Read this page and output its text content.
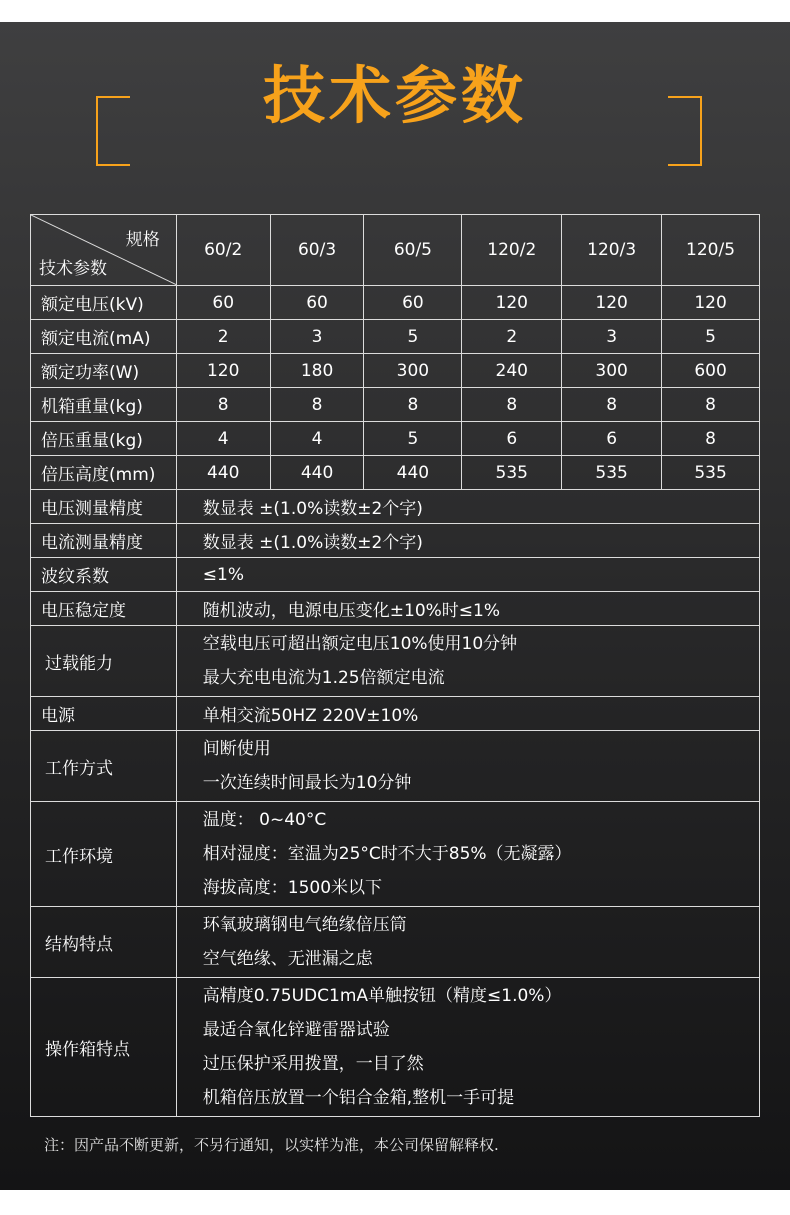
技术参数
规格
技术参数	60/2	60/3	60/5	120/2	120/3	120/5
额定电压(kV)	60	60	60	120	120	120
额定电流(mA)	2	3	5	2	3	5
额定功率(W)	120	180	300	240	300	600
机箱重量(kg)	8	8	8	8	8	8
倍压重量(kg)	4	4	5	6	6	8
倍压高度(mm)	440	440	440	535	535	535
电压测量精度	数显表 ±(1.0%读数±2个字)					

电流测量精度	数显表 ±(1.0%读数±2个字)					

波纹系数	≤1%					

电压稳定度	随机波动，电源电压变化±10%时≤1%					

过载能力	空载电压可超出额定电压10%使用10分钟
最大充电电流为1.25倍额定电流					

电源	单相交流50HZ 220V±10%					

工作方式	间断使用
一次连续时间最长为10分钟					

工作环境	温度： 0~40°C
相对湿度：室温为25°C时不大于85%（无凝露）
海拔高度：1500米以下					

结构特点	环氧玻璃钢电气绝缘倍压筒
空气绝缘、无泄漏之虑					

操作箱特点	高精度0.75UDC1mA单触按钮（精度≤1.0%）
最适合氧化锌避雷器试验
过压保护采用拨置，一目了然
机箱倍压放置一个铝合金箱,整机一手可提					
注：因产品不断更新，不另行通知，以实样为准，本公司保留解释权.
